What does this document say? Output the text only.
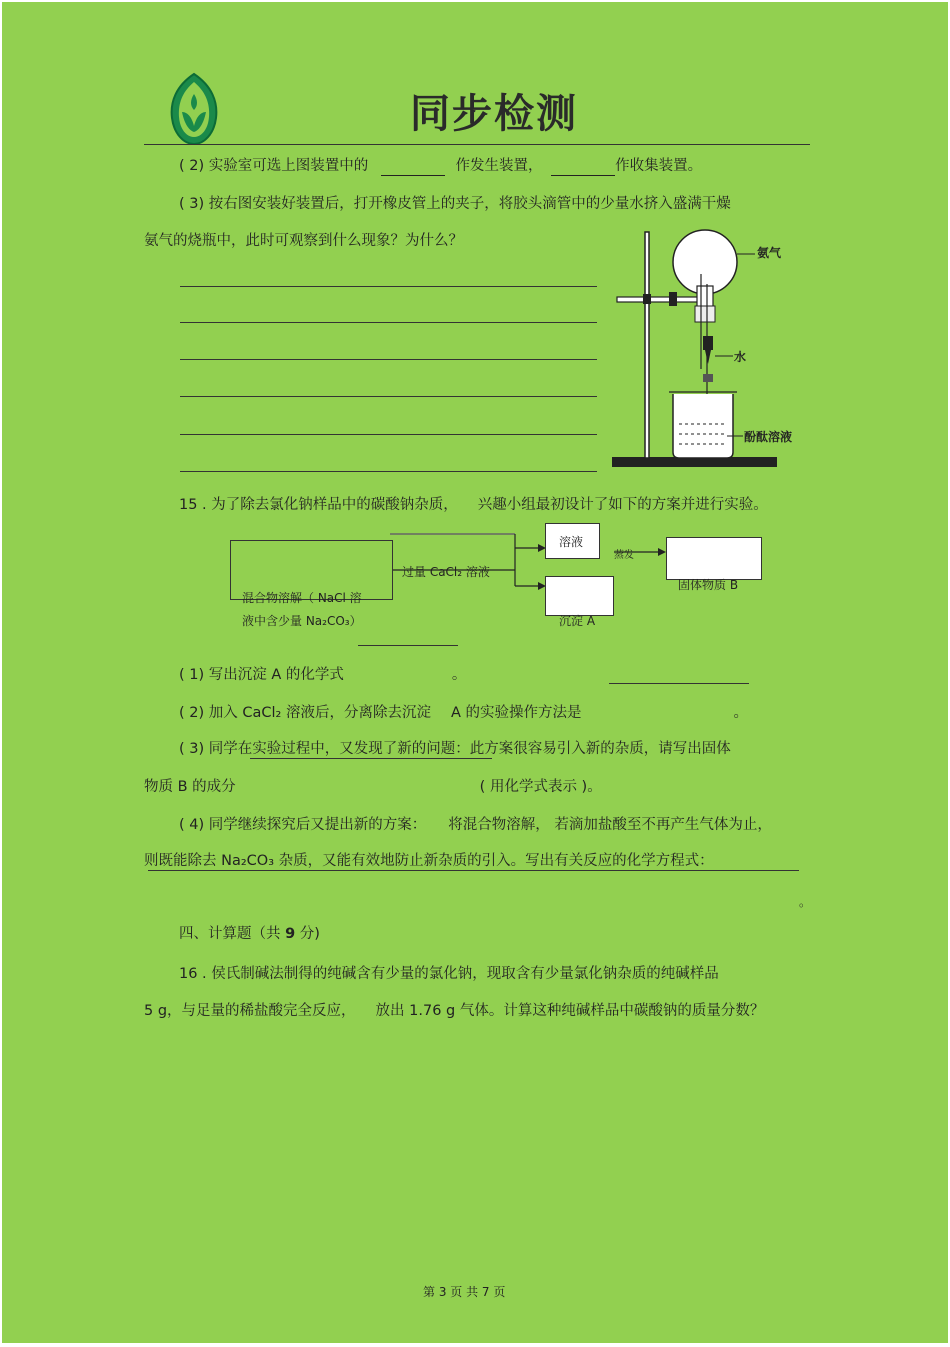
同步检测
( 2) 实验室可选上图装置中的	作发生装置，	作收集装置。
( 3) 按右图安装好装置后，打开橡皮管上的夹子，将胶头滴管中的少量水挤入盛满干燥
氨气的烧瓶中，此时可观察到什么现象？为什么？
氨气
水
酚酞溶液
15 . 为了除去氯化钠样品中的碳酸钠杂质， 兴趣小组最初设计了如下的方案并进行实验。
混合物溶解（ NaCl 溶
液中含少量 Na₂CO₃）
过量 CaCl₂ 溶液
溶液
蒸发
固体物质 B
沉淀 A
( 1) 写出沉淀 A 的化学式	。
( 2) 加入 CaCl₂ 溶液后，分离除去沉淀 A 的实验操作方法是	。
( 3) 同学在实验过程中，又发现了新的问题：此方案很容易引入新的杂质，请写出固体
物质 B 的成分	( 用化学式表示 )。
( 4) 同学继续探究后又提出新的方案： 将混合物溶解， 若滴加盐酸至不再产生气体为止，
则既能除去 Na₂CO₃ 杂质，又能有效地防止新杂质的引入。写出有关反应的化学方程式：
。
四、计算题（共 9 分)
16 . 侯氏制碱法制得的纯碱含有少量的氯化钠，现取含有少量氯化钠杂质的纯碱样品
5 g，与足量的稀盐酸完全反应， 放出 1.76 g 气体。计算这种纯碱样品中碳酸钠的质量分数？
第 3 页 共 7 页
